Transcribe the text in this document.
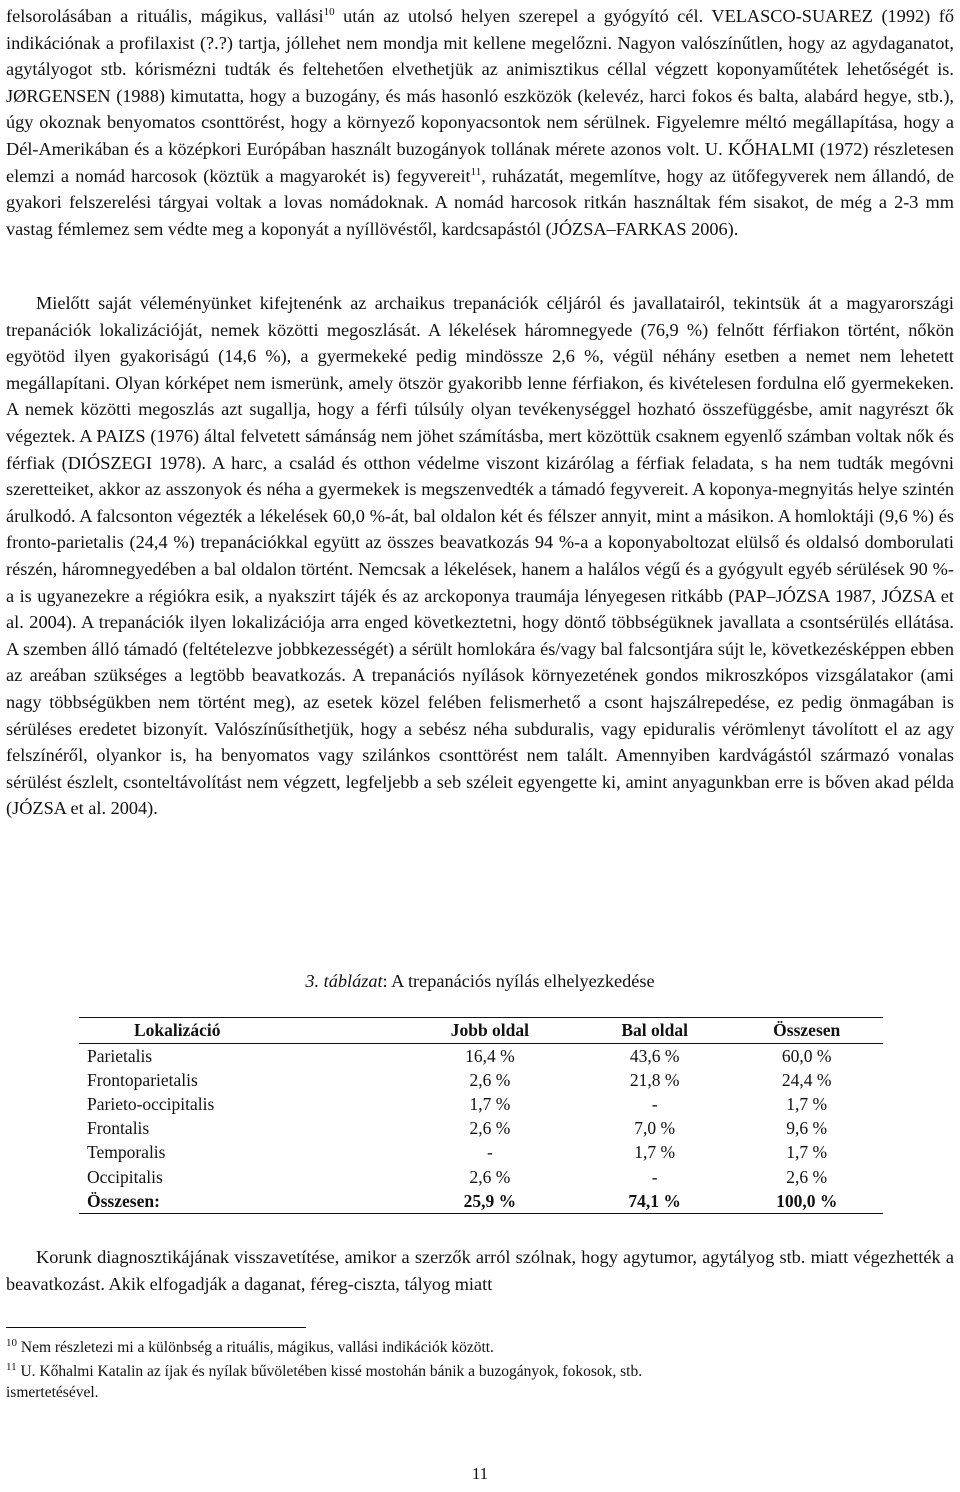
felsorolásában a rituális, mágikus, vallási$^{10}$ után az utolsó helyen szerepel a gyógyító cél. VELASCO-SUAREZ (1992) fő indikációnak a profilaxist (?.?) tartja, jóllehet nem mondja mit kellene megelőzni. Nagyon valószínűtlen, hogy az agydaganatot, agytályogot stb. kórismézni tudták és feltehetően elvethetjük az animisztikus céllal végzett koponyaműtétek lehetőségét is. JØRGENSEN (1988) kimutatta, hogy a buzogány, és más hasonló eszközök (kelevéz, harci fokos és balta, alabárd hegye, stb.), úgy okoznak benyomatos csonttörést, hogy a környező koponyacsontok nem sérülnek. Figyelemre méltó megállapítása, hogy a Dél-Amerikában és a középkori Európában használt buzogányok tollának mérete azonos volt. U. KŐHALMI (1972) részletesen elemzi a nomád harcosok (köztük a magyarokét is) fegyvereit$^{11}$, ruházatát, megemlítve, hogy az ütőfegyverek nem állandó, de gyakori felszerelési tárgyai voltak a lovas nomádoknak. A nomád harcosok ritkán használtak fém sisakot, de még a 2-3 mm vastag fémlemez sem védte meg a koponyát a nyíllövéstől, kardcsapástól (JÓZSA–FARKAS 2006).

Mielőtt saját véleményünket kifejtenénk az archaikus trepanációk céljáról és javallatairól, tekintsük át a magyarországi trepanációk lokalizációját, nemek közötti megoszlását. A lékelések háromnegyede (76,9 %) felnőtt férfiakon történt, nőkön egyötöd ilyen gyakoriságú (14,6 %), a gyermekeké pedig mindössze 2,6 %, végül néhány esetben a nemet nem lehetett megállapítani. Olyan kórképet nem ismerünk, amely ötször gyakoribb lenne férfiakon, és kivételesen fordulna elő gyermekeken. A nemek közötti megoszlás azt sugallja, hogy a férfi túlsúly olyan tevékenységgel hozható összefüggésbe, amit nagyrészt ők végeztek. A PAIZS (1976) által felvetett sámánság nem jöhet számításba, mert közöttük csaknem egyenlő számban voltak nők és férfiak (DIÓSZEGI 1978). A harc, a család és otthon védelme viszont kizárólag a férfiak feladata, s ha nem tudták megóvni szeretteiket, akkor az asszonyok és néha a gyermekek is megszenvedték a támadó fegyvereit. A koponya-megnyitás helye szintén árulkodó. A falcsonton végezték a lékelések 60,0 %-át, bal oldalon két és félszer annyit, mint a másikon. A homloktáji (9,6 %) és fronto-parietalis (24,4 %) trepanációkkal együtt az összes beavatkozás 94 %-a a koponyaboltozat elülső és oldalsó domborulati részén, háromnegyedében a bal oldalon történt. Nemcsak a lékelések, hanem a halálos végű és a gyógyult egyéb sérülések 90 %-a is ugyanezekre a régiókra esik, a nyakszirt tájék és az arckoponya traumája lényegesen ritkább (PAP–JÓZSA 1987, JÓZSA et al. 2004). A trepanációk ilyen lokalizációja arra enged következtetni, hogy döntő többségüknek javallata a csontsérülés ellátása. A szemben álló támadó (feltételezve jobbkezességét) a sérült homlokára és/vagy bal falcsontjára sújt le, következésképpen ebben az areában szükséges a legtöbb beavatkozás. A trepanációs nyílások környezetének gondos mikroszkópos vizsgálatakor (ami nagy többségükben nem történt meg), az esetek közel felében felismerhető a csont hajszálrepedése, ez pedig önmagában is sérüléses eredetet bizonyít. Valószínűsíthetjük, hogy a sebész néha subduralis, vagy epiduralis vérömlenyt távolított el az agy felszínéről, olyankor is, ha benyomatos vagy szilánkos csonttörést nem talált. Amennyiben kardvágástól származó vonalas sérülést észlelt, csonteltávolítást nem végzett, legfeljebb a seb széleit egyengette ki, amint anyagunkban erre is bőven akad példa (JÓZSA et al. 2004).

3. táblázat: A trepanációs nyílás elhelyezkedése

Lokalizáció	Jobb oldal	Bal oldal	Összesen
Parietalis	16,4 %	43,6 %	60,0 %
Frontoparietalis	2,6 %	21,8 %	24,4 %
Parieto-occipitalis	1,7 %	-	1,7 %
Frontalis	2,6 %	7,0 %	9,6 %
Temporalis	-	1,7 %	1,7 %
Occipitalis	2,6 %	-	2,6 %
Összesen:	25,9 %	74,1 %	100,0 %

Korunk diagnosztikájának visszavetítése, amikor a szerzők arról szólnak, hogy agytumor, agytályog stb. miatt végezhették a beavatkozást. Akik elfogadják a daganat, féreg-ciszta, tályog miatt

$^{10}$ Nem részletezi mi a különbség a rituális, mágikus, vallási indikációk között.

$^{11}$ U. Kőhalmi Katalin az íjak és nyílak bűvöletében kissé mostohán bánik a buzogányok, fokosok, stb.
ismertetésével.

11
